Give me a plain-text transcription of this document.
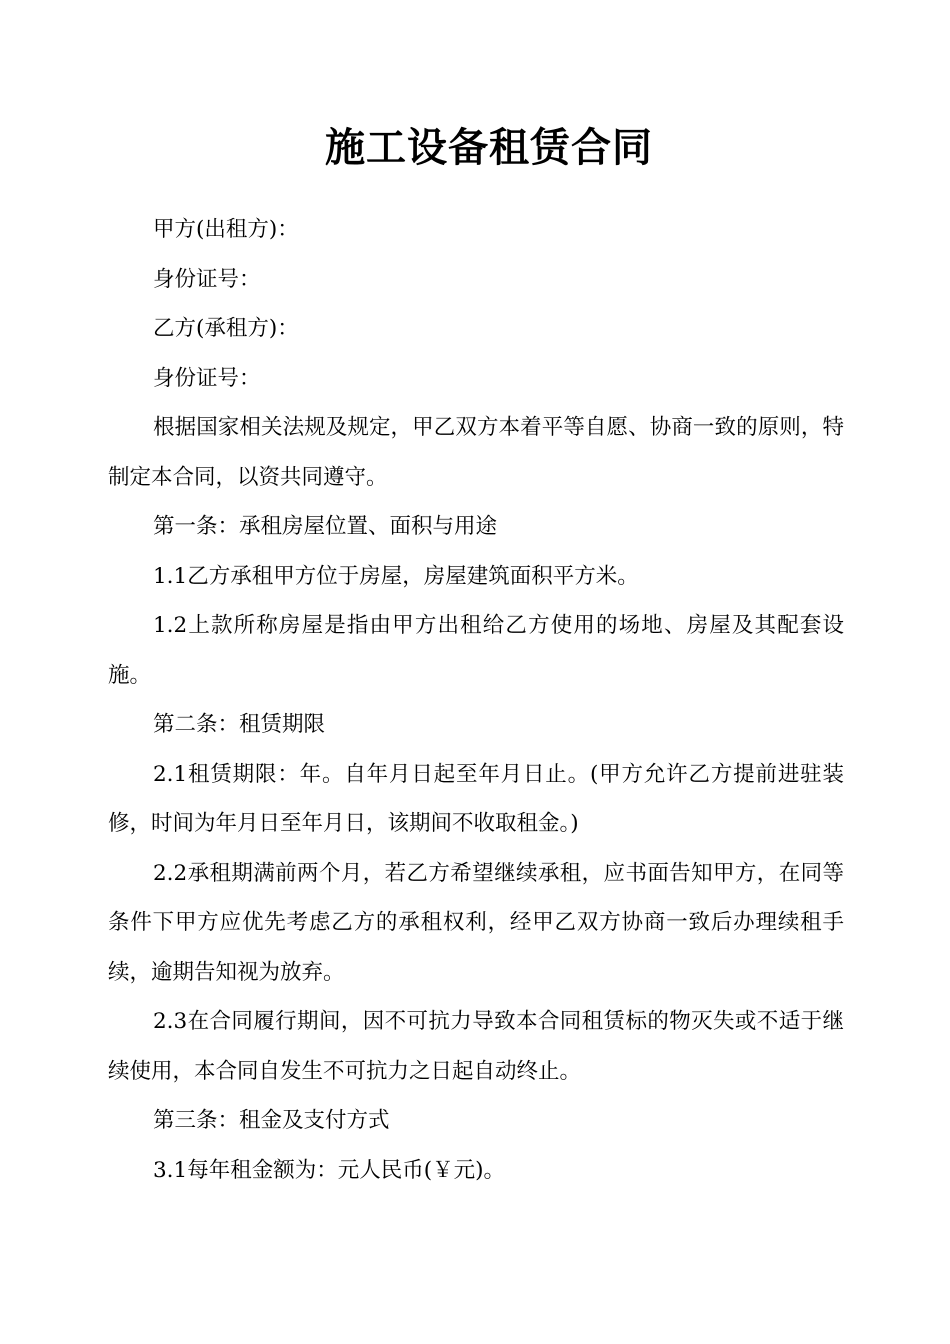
施工设备租赁合同

甲方(出租方)：

身份证号：

乙方(承租方)：

身份证号：

根据国家相关法规及规定，甲乙双方本着平等自愿、协商一致的原则，特制定本合同，以资共同遵守。

第一条：承租房屋位置、面积与用途

1.1乙方承租甲方位于房屋，房屋建筑面积平方米。

1.2上款所称房屋是指由甲方出租给乙方使用的场地、房屋及其配套设施。

第二条：租赁期限

2.1租赁期限：年。自年月日起至年月日止。(甲方允许乙方提前进驻装修，时间为年月日至年月日，该期间不收取租金。)

2.2承租期满前两个月，若乙方希望继续承租，应书面告知甲方，在同等条件下甲方应优先考虑乙方的承租权利，经甲乙双方协商一致后办理续租手续，逾期告知视为放弃。

2.3在合同履行期间，因不可抗力导致本合同租赁标的物灭失或不适于继续使用，本合同自发生不可抗力之日起自动终止。

第三条：租金及支付方式

3.1每年租金额为：元人民币(￥元)。
